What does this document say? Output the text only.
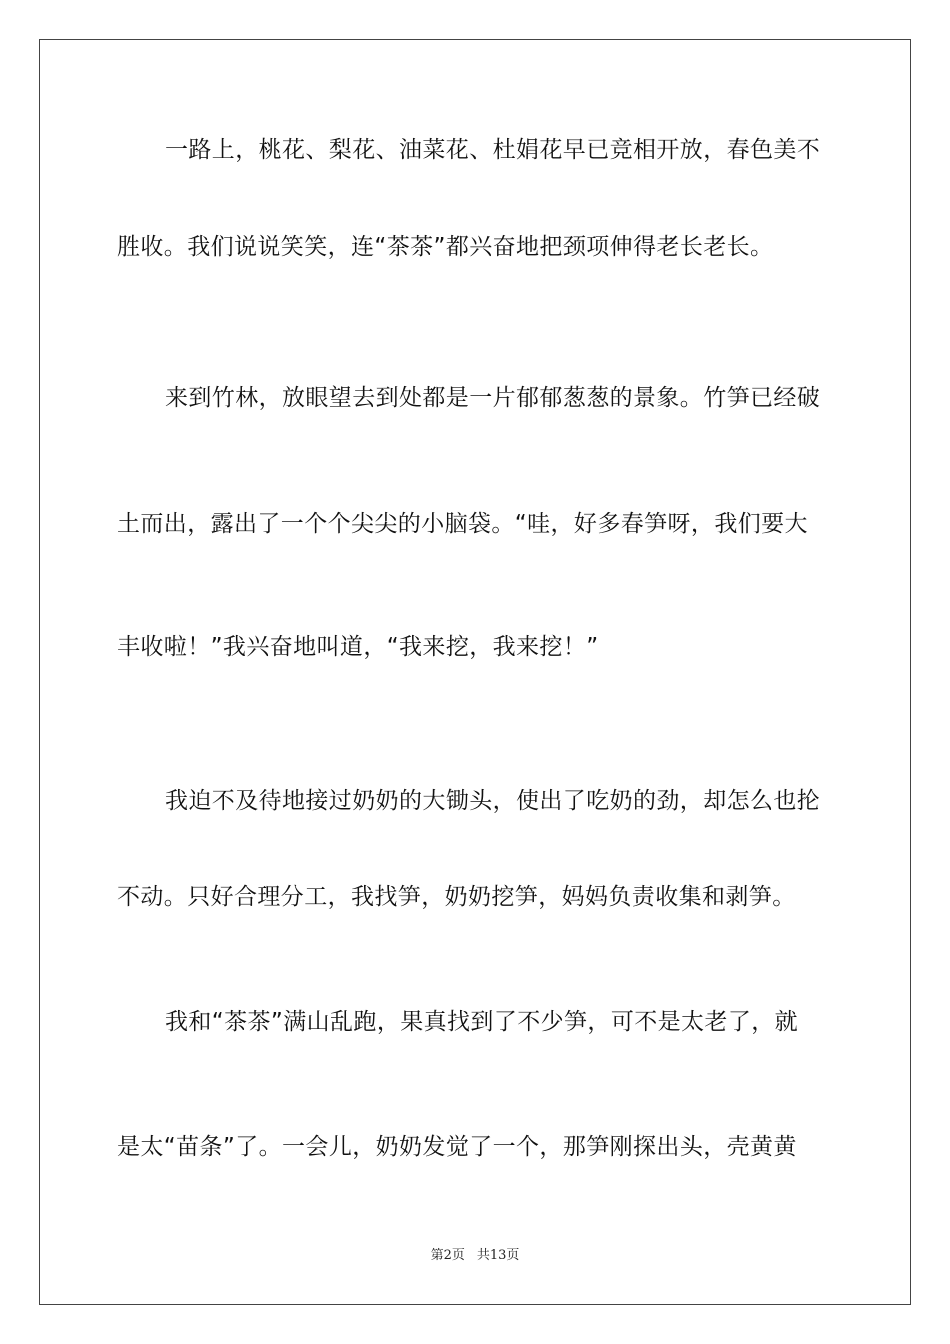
一路上，桃花、梨花、油菜花、杜娟花早已竞相开放，春色美不
胜收。我们说说笑笑，连“茶茶”都兴奋地把颈项伸得老长老长。
来到竹林，放眼望去到处都是一片郁郁葱葱的景象。竹笋已经破
土而出，露出了一个个尖尖的小脑袋。“哇，好多春笋呀，我们要大
丰收啦！”我兴奋地叫道，“我来挖，我来挖！”
我迫不及待地接过奶奶的大锄头，使出了吃奶的劲，却怎么也抡
不动。只好合理分工，我找笋，奶奶挖笋，妈妈负责收集和剥笋。
我和“茶茶”满山乱跑，果真找到了不少笋，可不是太老了，就
是太“苗条”了。一会儿，奶奶发觉了一个，那笋刚探出头，壳黄黄
第2页 共13页
